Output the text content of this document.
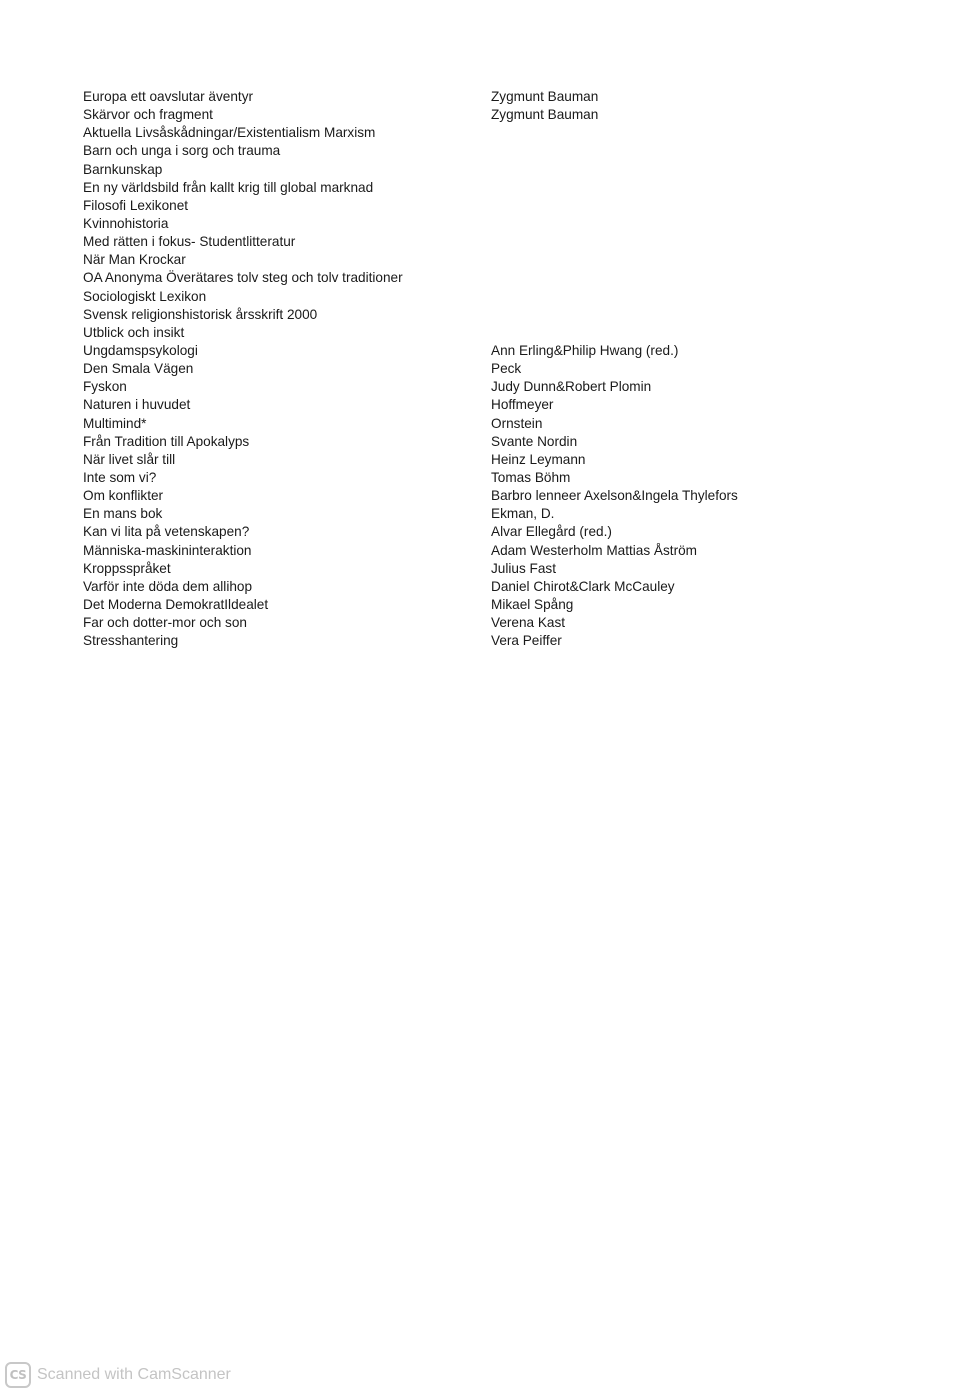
Europa ett oavslutar äventyr	Zygmunt Bauman
Skärvor och fragment	Zygmunt Bauman
Aktuella Livsåskådningar/Existentialism Marxism
Barn och unga i sorg och trauma
Barnkunskap
En ny världsbild från kallt krig till global marknad
Filosofi Lexikonet
Kvinnohistoria
Med rätten i fokus- Studentlitteratur
När Man Krockar
OA Anonyma Överätares tolv steg och tolv traditioner
Sociologiskt Lexikon
Svensk religionshistorisk årsskrift 2000
Utblick och insikt
Ungdamspsykologi	Ann Erling&Philip Hwang (red.)
Den Smala Vägen	Peck
Fyskon	Judy Dunn&Robert Plomin
Naturen i huvudet	Hoffmeyer
Multimind*	Ornstein
Från Tradition till Apokalyps	Svante Nordin
När livet slår till	Heinz Leymann
Inte som vi?	Tomas Böhm
Om konflikter	Barbro lenneer Axelson&Ingela Thylefors
En mans bok	Ekman, D.
Kan vi lita på vetenskapen?	Alvar Ellegård (red.)
Människa-maskininteraktion	Adam Westerholm Mattias Åström
Kroppsspråket	Julius Fast
Varför inte döda dem allihop	Daniel Chirot&Clark McCauley
Det Moderna DemokratIldealet	Mikael Spång
Far och dotter-mor och son	Verena Kast
Stresshantering	Vera Peiffer
CS Scanned with CamScanner
